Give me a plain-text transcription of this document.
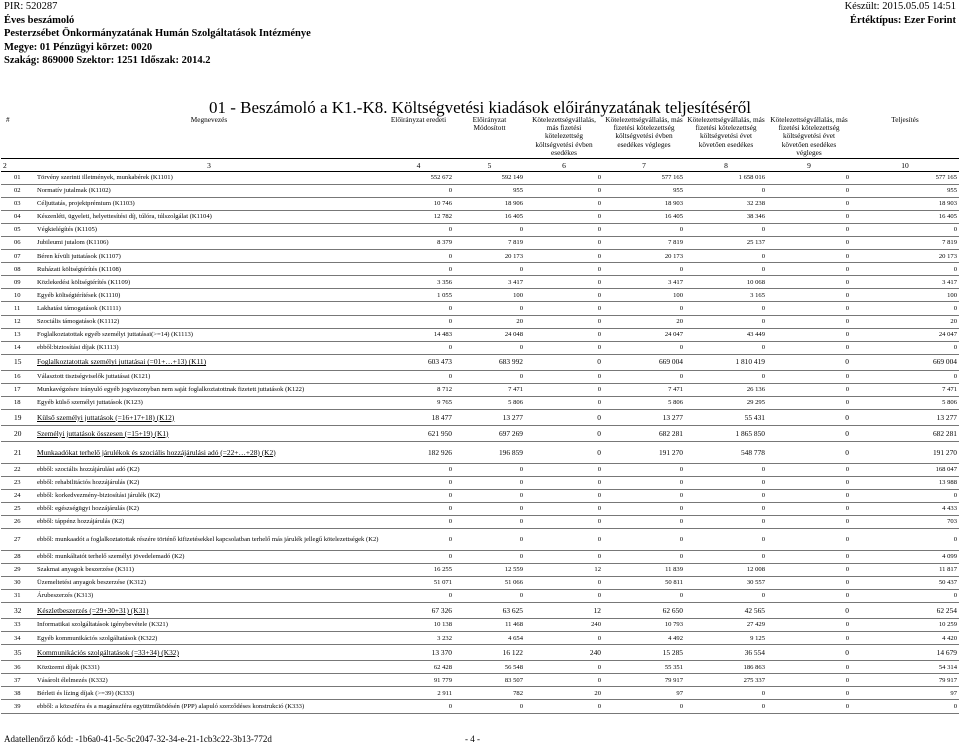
PIR: 520287
Éves beszámoló
Pesterzsébet Önkormányzatának Humán Szolgáltatások Intézménye
Megye: 01 Pénzügyi körzet: 0020
Szakág: 869000 Szektor: 1251 Időszak: 2014.2
Készült: 2015.05.05 14:51
Értéktípus: Ezer Forint
01 - Beszámoló a K1.-K8. Költségvetési kiadások előirányzatának teljesítéséről
#	Megnevezés	Előirányzat eredeti	Előirányzat Módosított	Kötelezettségvállalás, más fizetési kötelezettség költségvetési évben esedékes	Kötelezettségvállalás, más fizetési kötelezettség költségvetési évben esedékes végleges	Kötelezettségvállalás, más fizetési kötelezettség költségvetési évet követően esedékes	Kötelezettségvállalás, más fizetési kötelezettség költségvetési évet követően esedékes végleges	Teljesítés
2	3	4	5	6	7	8	9	10
01	Törvény szerinti illetmények, munkabérek (K1101)	552 672	592 149	0	577 165	1 658 016	0	577 165
02	Normatív jutalmak (K1102)	0	955	0	955	0	0	955
03	Céljuttatás, projektprémium (K1103)	10 746	18 906	0	18 903	32 238	0	18 903
04	Készenléti, ügyeleti, helyettesítési díj, túlóra, túlszolgálat (K1104)	12 782	16 405	0	16 405	38 346	0	16 405
05	Végkielégítés (K1105)	0	0	0	0	0	0	0
06	Jubileumi jutalom (K1106)	8 379	7 819	0	7 819	25 137	0	7 819
07	Béren kívüli juttatások (K1107)	0	20 173	0	20 173	0	0	20 173
08	Ruházati költségtérítés (K1108)	0	0	0	0	0	0	0
09	Közlekedési költségtérítés (K1109)	3 356	3 417	0	3 417	10 068	0	3 417
10	Egyéb költségtérítések (K1110)	1 055	100	0	100	3 165	0	100
11	Lakhatási támogatások (K1111)	0	0	0	0	0	0	0
12	Szociális támogatások (K1112)	0	20	0	20	0	0	20
13	Foglalkoztatottak egyéb személyi juttatásai(>=14) (K1113)	14 483	24 048	0	24 047	43 449	0	24 047
14	ebből:biztosítási díjak (K1113)	0	0	0	0	0	0	0
15	Foglalkoztatottak személyi juttatásai (=01+…+13) (K11)	603 473	683 992	0	669 004	1 810 419	0	669 004
16	Választott tisztségviselők juttatásai (K121)	0	0	0	0	0	0	0
17	Munkavégzésre irányuló egyéb jogviszonyban nem saját foglalkoztatottnak fizetett juttatások (K122)	8 712	7 471	0	7 471	26 136	0	7 471
18	Egyéb külső személyi juttatások (K123)	9 765	5 806	0	5 806	29 295	0	5 806
19	Külső személyi juttatások (=16+17+18) (K12)	18 477	13 277	0	13 277	55 431	0	13 277
20	Személyi juttatások összesen (=15+19) (K1)	621 950	697 269	0	682 281	1 865 850	0	682 281
21	Munkaadókat terhelő járulékok és szociális hozzájárulási adó (=22+…+28) (K2)	182 926	196 859	0	191 270	548 778	0	191 270
22	ebből: szociális hozzájárulási adó (K2)	0	0	0	0	0	0	168 047
23	ebből: rehabilitációs hozzájárulás (K2)	0	0	0	0	0	0	13 988
24	ebből: korkedvezmény-biztosítási járulék (K2)	0	0	0	0	0	0	0
25	ebből: egészségügyi hozzájárulás (K2)	0	0	0	0	0	0	4 433
26	ebből: táppénz hozzájárulás (K2)	0	0	0	0	0	0	703
27	ebből: munkaadót a foglalkoztatottak részére történő kifizetésekkel kapcsolatban terhelő más járulék jellegű kötelezettségek (K2)	0	0	0	0	0	0	0
28	ebből: munkáltatót terhelő személyi jövedelemadó (K2)	0	0	0	0	0	0	4 099
29	Szakmai anyagok beszerzése (K311)	16 255	12 559	12	11 839	12 008	0	11 817
30	Üzemeltetési anyagok beszerzése (K312)	51 071	51 066	0	50 811	30 557	0	50 437
31	Árubeszerzés (K313)	0	0	0	0	0	0	0
32	Készletbeszerzés (=29+30+31) (K31)	67 326	63 625	12	62 650	42 565	0	62 254
33	Informatikai szolgáltatások igénybevétele (K321)	10 138	11 468	240	10 793	27 429	0	10 259
34	Egyéb kommunikációs szolgáltatások (K322)	3 232	4 654	0	4 492	9 125	0	4 420
35	Kommunikációs szolgáltatások (=33+34) (K32)	13 370	16 122	240	15 285	36 554	0	14 679
36	Közüzemi díjak (K331)	62 428	56 548	0	55 351	186 863	0	54 314
37	Vásárolt élelmezés (K332)	91 779	83 507	0	79 917	275 337	0	79 917
38	Bérleti és lízing díjak (>=39) (K333)	2 911	782	20	97	0	0	97
39	ebből: a közszféra és a magánszféra együttműködésén (PPP) alapuló szerződéses konstrukció (K333)	0	0	0	0	0	0	0
Adatellenőrző kód: -1b6a0-41-5c-5c2047-32-34-e-21-1cb3c22-3b13-772d	- 4 -
